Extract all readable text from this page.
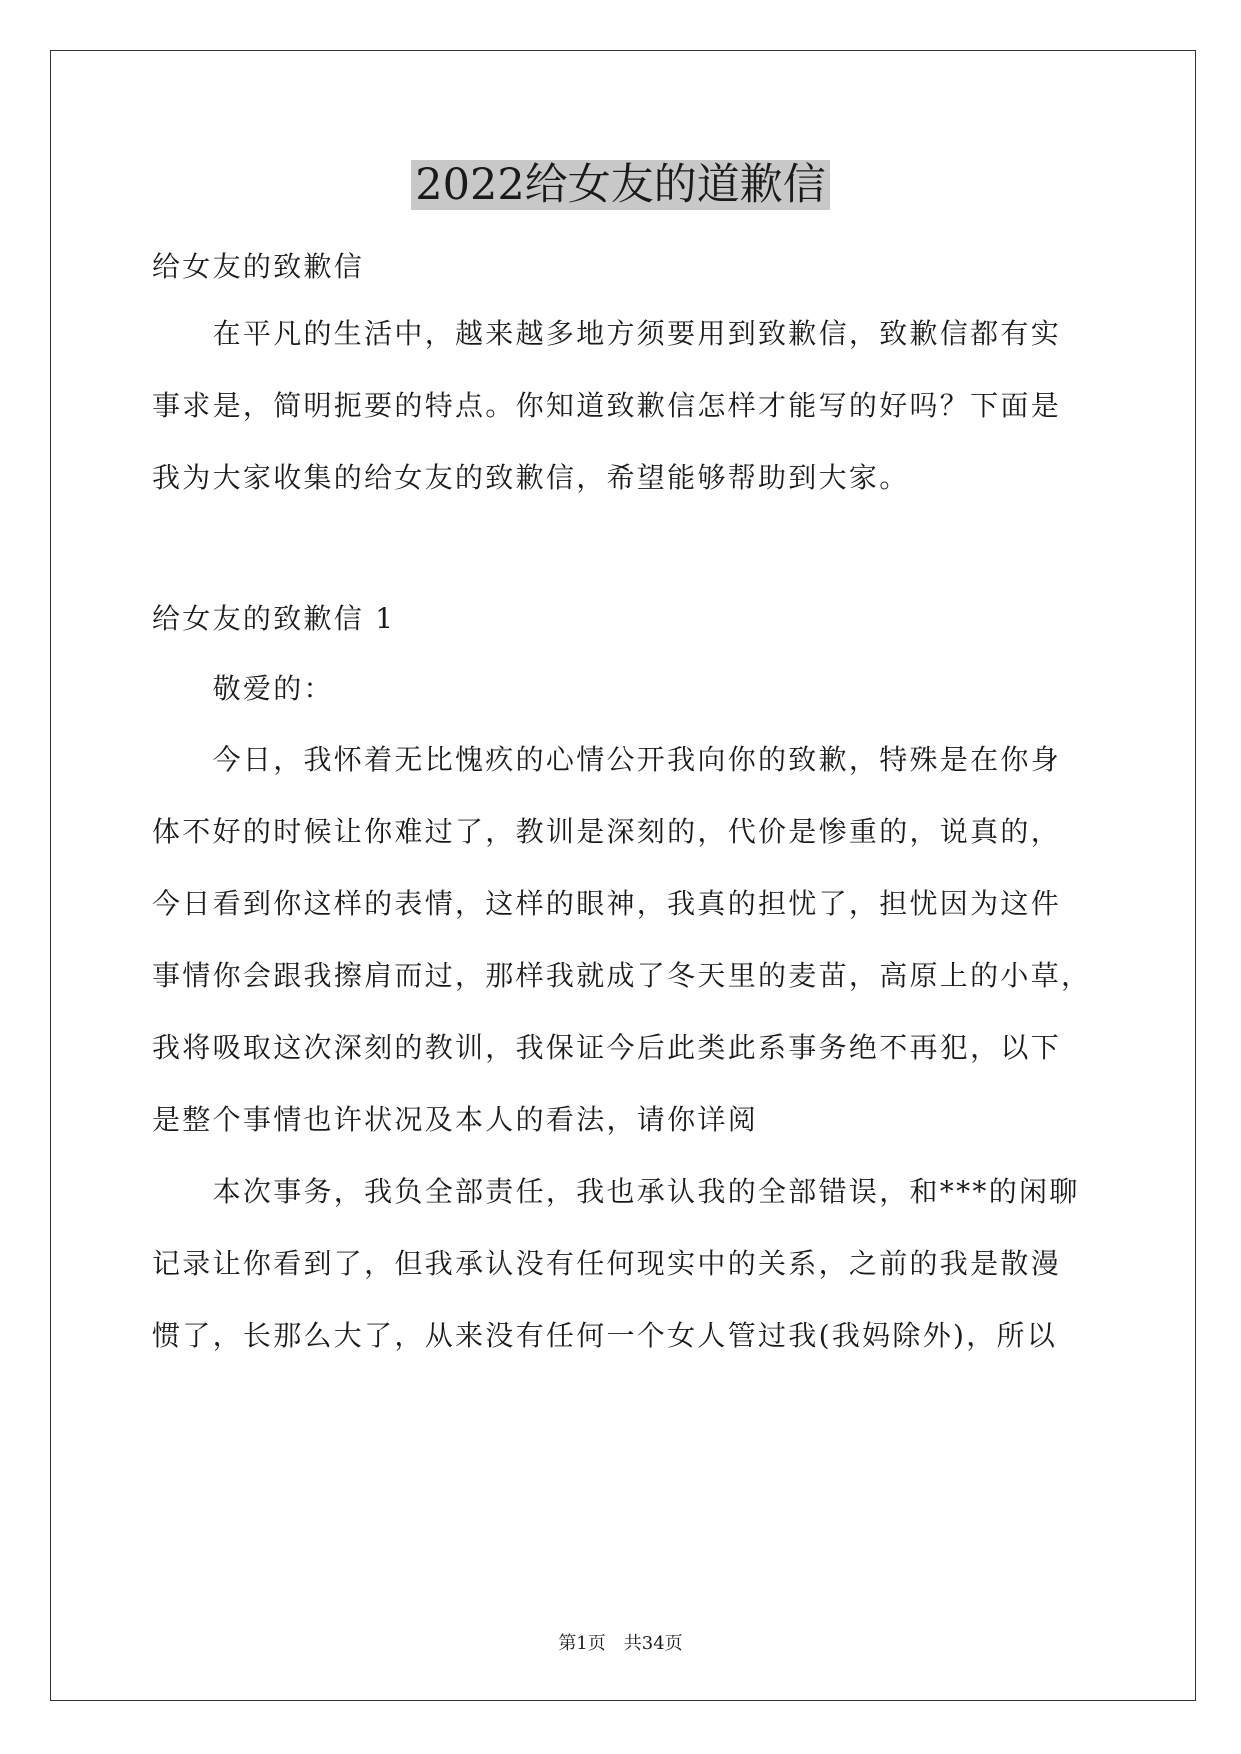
2022给女友的道歉信
给女友的致歉信
　　在平凡的生活中，越来越多地方须要用到致歉信，致歉信都有实
事求是，简明扼要的特点。你知道致歉信怎样才能写的好吗？下面是
我为大家收集的给女友的致歉信，希望能够帮助到大家。
给女友的致歉信 1
　　敬爱的：
　　今日，我怀着无比愧疚的心情公开我向你的致歉，特殊是在你身
体不好的时候让你难过了，教训是深刻的，代价是惨重的，说真的，
今日看到你这样的表情，这样的眼神，我真的担忧了，担忧因为这件
事情你会跟我擦肩而过，那样我就成了冬天里的麦苗，高原上的小草，
我将吸取这次深刻的教训，我保证今后此类此系事务绝不再犯，以下
是整个事情也许状况及本人的看法，请你详阅
　　本次事务，我负全部责任，我也承认我的全部错误，和***的闲聊
记录让你看到了，但我承认没有任何现实中的关系，之前的我是散漫
惯了，长那么大了，从来没有任何一个女人管过我(我妈除外)，所以
第1页 共34页
